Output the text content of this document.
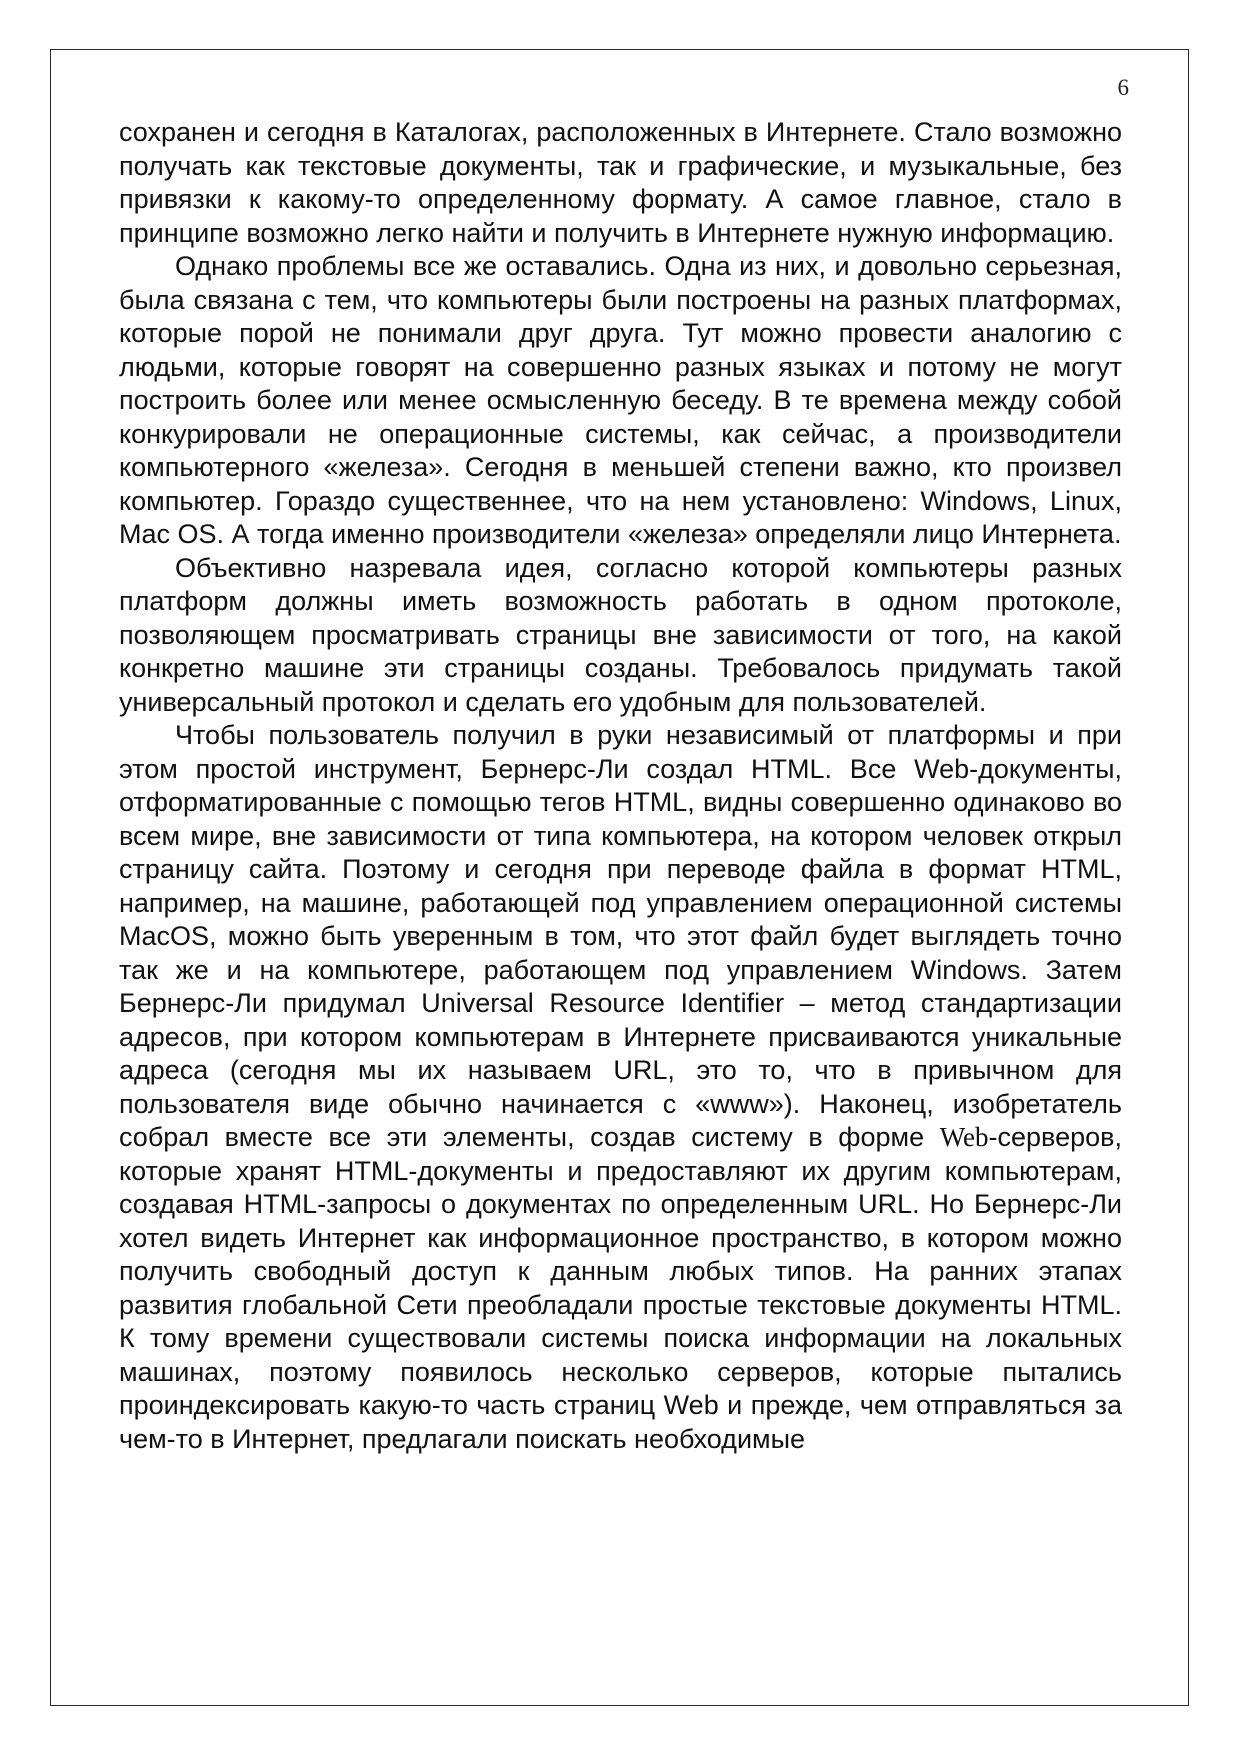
6

сохранен и сегодня в Каталогах, расположенных в Интернете. Стало возможно получать как текстовые документы, так и графические, и музыкальные, без привязки к какому-то определенному формату. А самое главное, стало в принципе возможно легко найти и получить в Интернете нужную информацию.

Однако проблемы все же оставались. Одна из них, и довольно серьезная, была связана с тем, что компьютеры были построены на разных платформах, которые порой не понимали друг друга. Тут можно провести аналогию с людьми, которые говорят на совершенно разных языках и потому не могут построить более или менее осмысленную беседу. В те времена между собой конкурировали не операционные системы, как сейчас, а производители компьютерного «железа». Сегодня в меньшей степени важно, кто произвел компьютер. Гораздо существеннее, что на нем установлено: Windows, Linux, Mac OS. А тогда именно производители «железа» определяли лицо Интернета.

Объективно назревала идея, согласно которой компьютеры разных платформ должны иметь возможность работать в одном протоколе, позволяющем просматривать страницы вне зависимости от того, на какой конкретно машине эти страницы созданы. Требовалось придумать такой универсальный протокол и сделать его удобным для пользователей.

Чтобы пользователь получил в руки независимый от платформы и при этом простой инструмент, Бернерс-Ли создал HTML. Все Web-документы, отформатированные с помощью тегов HTML, видны совершенно одинаково во всем мире, вне зависимости от типа компьютера, на котором человек открыл страницу сайта. Поэтому и сегодня при переводе файла в формат HTML, например, на машине, работающей под управлением операционной системы MacOS, можно быть уверенным в том, что этот файл будет выглядеть точно так же и на компьютере, работающем под управлением Windows. Затем Бернерс-Ли придумал Universal Resource Identifier – метод стандартизации адресов, при котором компьютерам в Интернете присваиваются уникальные адреса (сегодня мы их называем URL, это то, что в привычном для пользователя виде обычно начинается с «www»). Наконец, изобретатель собрал вместе все эти элементы, создав систему в форме Web-серверов, которые хранят HTML-документы и предоставляют их другим компьютерам, создавая HTML-запросы о документах по определенным URL. Но Бернерс-Ли хотел видеть Интернет как информационное пространство, в котором можно получить свободный доступ к данным любых типов. На ранних этапах развития глобальной Сети преобладали простые текстовые документы HTML. К тому времени существовали системы поиска информации на локальных машинах, поэтому появилось несколько серверов, которые пытались проиндексировать какую-то часть страниц Web и прежде, чем отправляться за чем-то в Интернет, предлагали поискать необходимые
